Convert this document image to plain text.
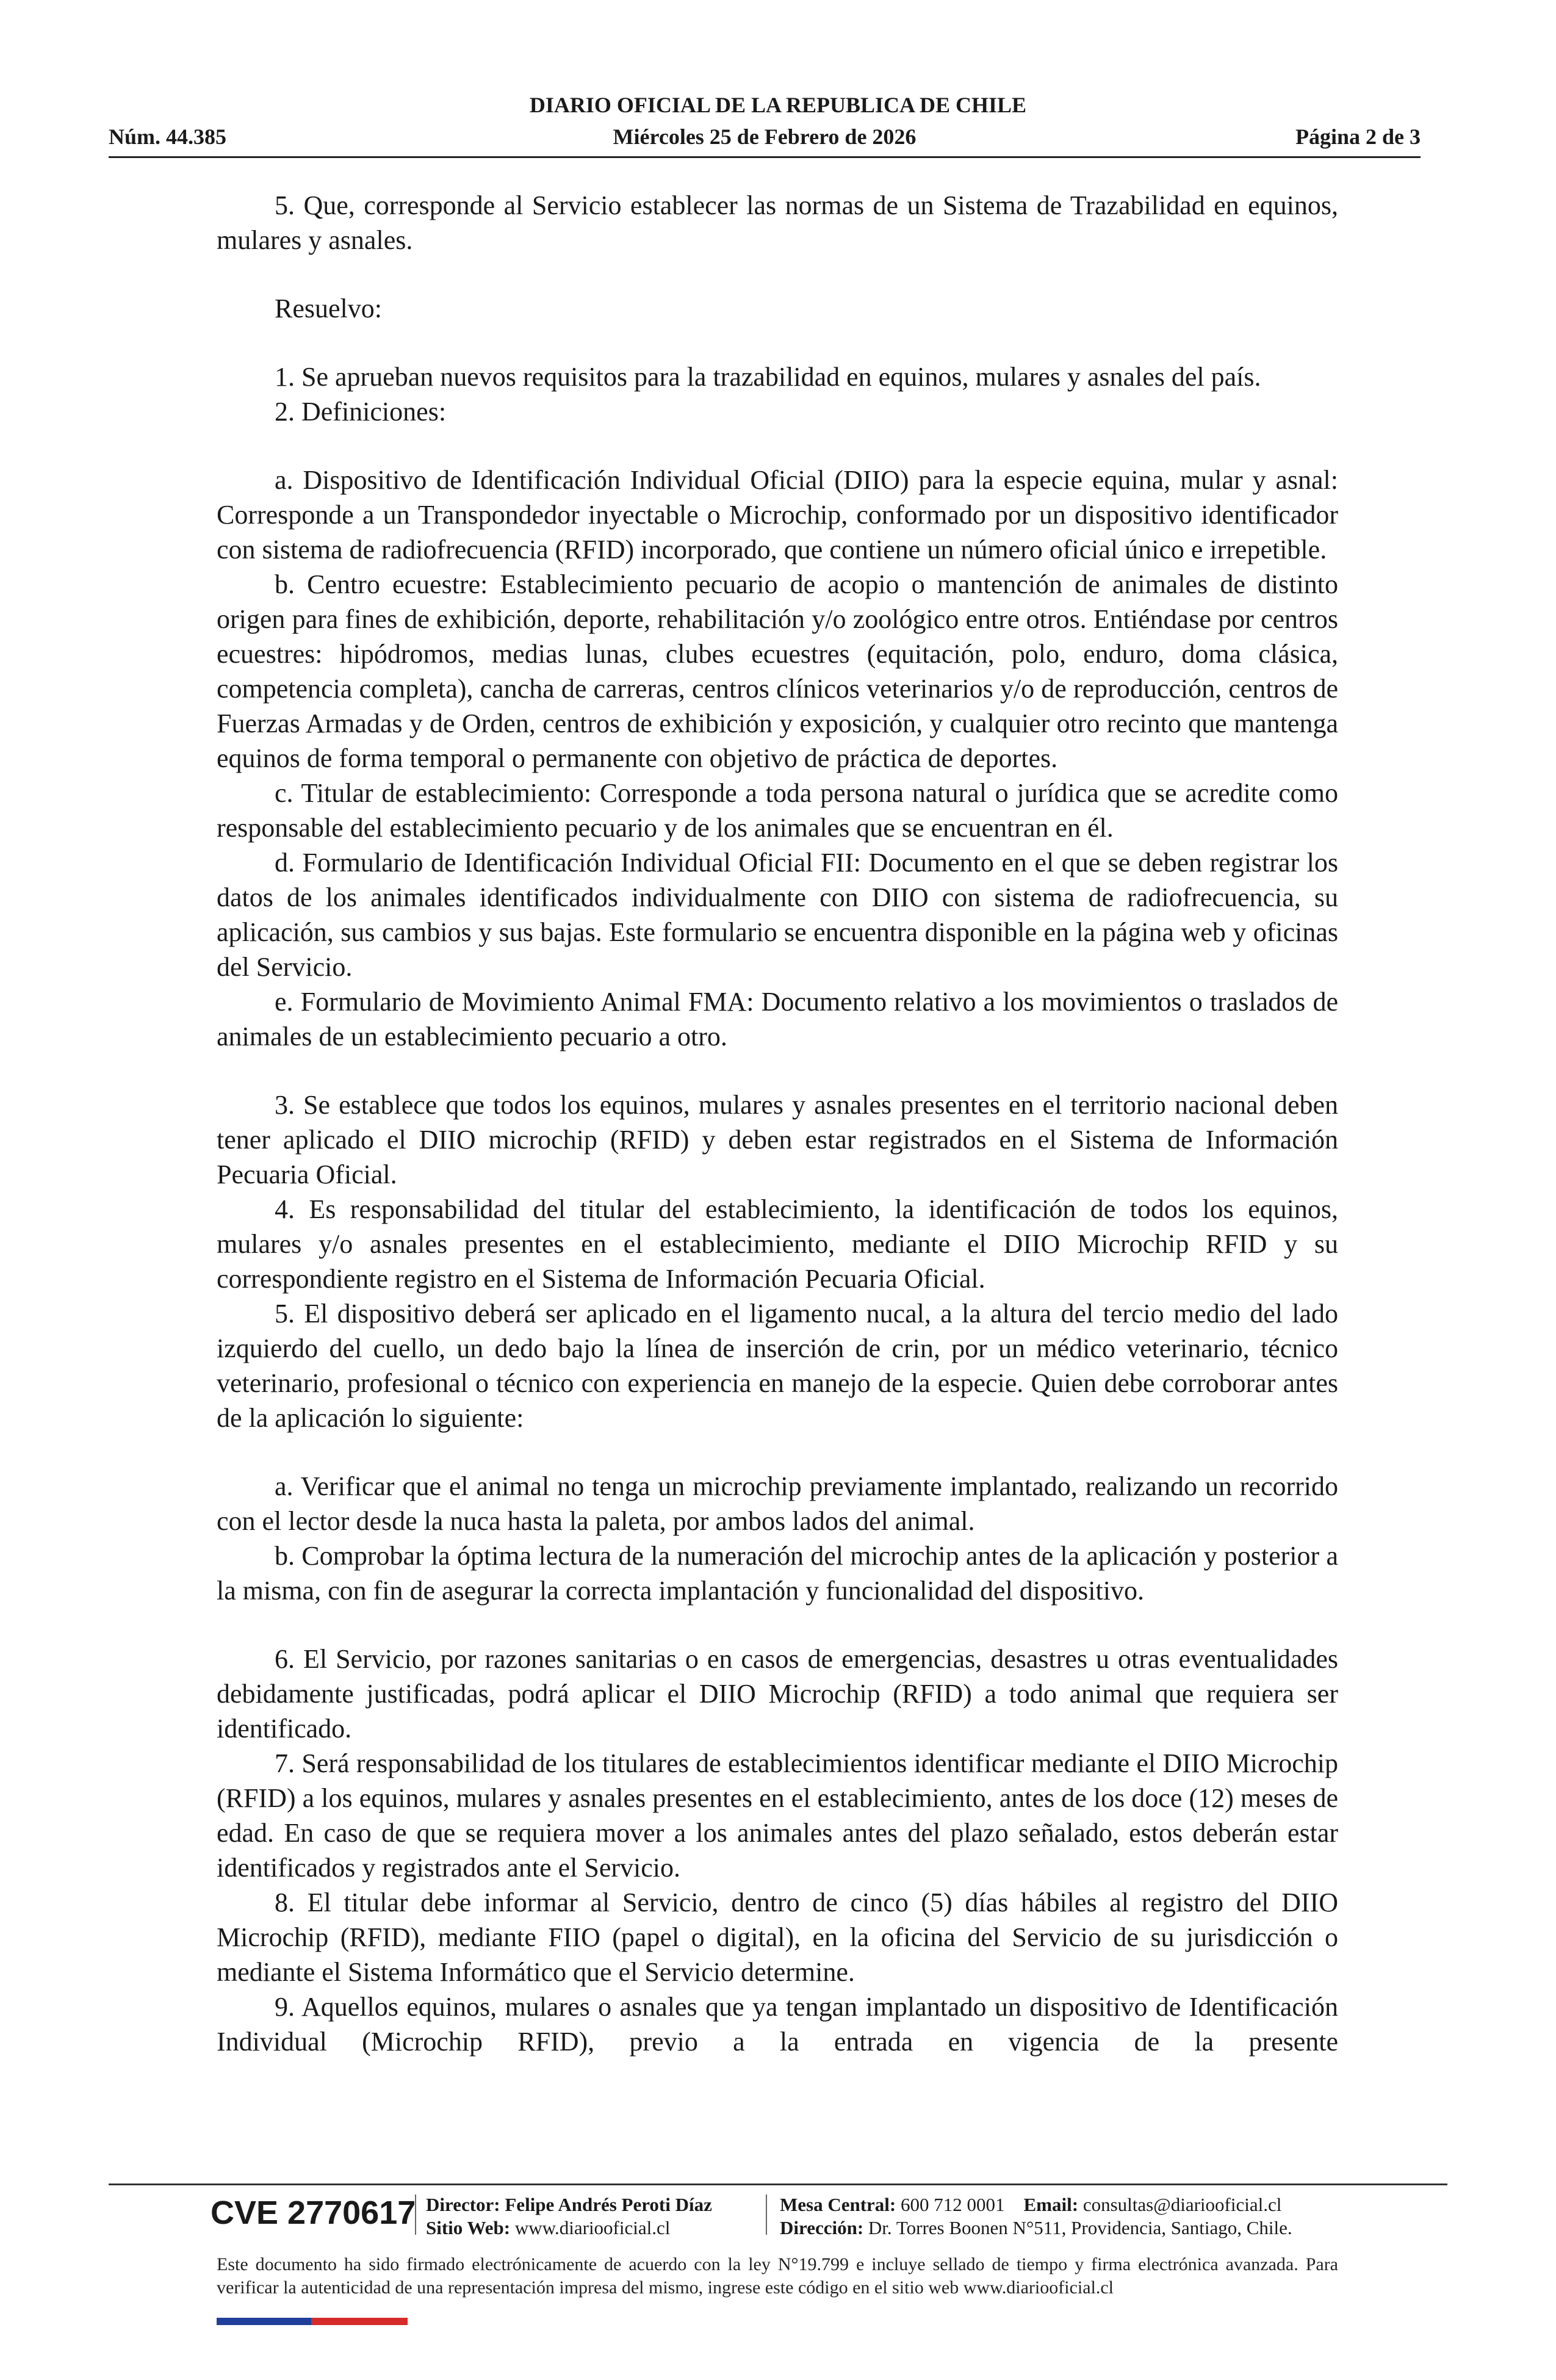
DIARIO OFICIAL DE LA REPUBLICA DE CHILE
Núm. 44.385	Miércoles 25 de Febrero de 2026	Página 2 de 3

5. Que, corresponde al Servicio establecer las normas de un Sistema de Trazabilidad en equinos, mulares y asnales.

Resuelvo:

1. Se aprueban nuevos requisitos para la trazabilidad en equinos, mulares y asnales del país.

2. Definiciones:

a. Dispositivo de Identificación Individual Oficial (DIIO) para la especie equina, mular y asnal: Corresponde a un Transpondedor inyectable o Microchip, conformado por un dispositivo identificador con sistema de radiofrecuencia (RFID) incorporado, que contiene un número oficial único e irrepetible.

b. Centro ecuestre: Establecimiento pecuario de acopio o mantención de animales de distinto origen para fines de exhibición, deporte, rehabilitación y/o zoológico entre otros. Entiéndase por centros ecuestres: hipódromos, medias lunas, clubes ecuestres (equitación, polo, enduro, doma clásica, competencia completa), cancha de carreras, centros clínicos veterinarios y/o de reproducción, centros de Fuerzas Armadas y de Orden, centros de exhibición y exposición, y cualquier otro recinto que mantenga equinos de forma temporal o permanente con objetivo de práctica de deportes.

c. Titular de establecimiento: Corresponde a toda persona natural o jurídica que se acredite como responsable del establecimiento pecuario y de los animales que se encuentran en él.

d. Formulario de Identificación Individual Oficial FII: Documento en el que se deben registrar los datos de los animales identificados individualmente con DIIO con sistema de radiofrecuencia, su aplicación, sus cambios y sus bajas. Este formulario se encuentra disponible en la página web y oficinas del Servicio.

e. Formulario de Movimiento Animal FMA: Documento relativo a los movimientos o traslados de animales de un establecimiento pecuario a otro.

3. Se establece que todos los equinos, mulares y asnales presentes en el territorio nacional deben tener aplicado el DIIO microchip (RFID) y deben estar registrados en el Sistema de Información Pecuaria Oficial.

4. Es responsabilidad del titular del establecimiento, la identificación de todos los equinos, mulares y/o asnales presentes en el establecimiento, mediante el DIIO Microchip RFID y su correspondiente registro en el Sistema de Información Pecuaria Oficial.

5. El dispositivo deberá ser aplicado en el ligamento nucal, a la altura del tercio medio del lado izquierdo del cuello, un dedo bajo la línea de inserción de crin, por un médico veterinario, técnico veterinario, profesional o técnico con experiencia en manejo de la especie. Quien debe corroborar antes de la aplicación lo siguiente:

a. Verificar que el animal no tenga un microchip previamente implantado, realizando un recorrido con el lector desde la nuca hasta la paleta, por ambos lados del animal.

b. Comprobar la óptima lectura de la numeración del microchip antes de la aplicación y posterior a la misma, con fin de asegurar la correcta implantación y funcionalidad del dispositivo.

6. El Servicio, por razones sanitarias o en casos de emergencias, desastres u otras eventualidades debidamente justificadas, podrá aplicar el DIIO Microchip (RFID) a todo animal que requiera ser identificado.

7. Será responsabilidad de los titulares de establecimientos identificar mediante el DIIO Microchip (RFID) a los equinos, mulares y asnales presentes en el establecimiento, antes de los doce (12) meses de edad. En caso de que se requiera mover a los animales antes del plazo señalado, estos deberán estar identificados y registrados ante el Servicio.

8. El titular debe informar al Servicio, dentro de cinco (5) días hábiles al registro del DIIO Microchip (RFID), mediante FIIO (papel o digital), en la oficina del Servicio de su jurisdicción o mediante el Sistema Informático que el Servicio determine.

9. Aquellos equinos, mulares o asnales que ya tengan implantado un dispositivo de Identificación Individual (Microchip RFID), previo a la entrada en vigencia de la presente

CVE 2770617 Director: Felipe Andrés Peroti Díaz
Sitio Web: www.diariooficial.cl
Mesa Central: 600 712 0001 Email: consultas@diariooficial.cl
Dirección: Dr. Torres Boonen N°511, Providencia, Santiago, Chile.
Este documento ha sido firmado electrónicamente de acuerdo con la ley N°19.799 e incluye sellado de tiempo y firma electrónica avanzada. Para verificar la autenticidad de una representación impresa del mismo, ingrese este código en el sitio web www.diariooficial.cl
